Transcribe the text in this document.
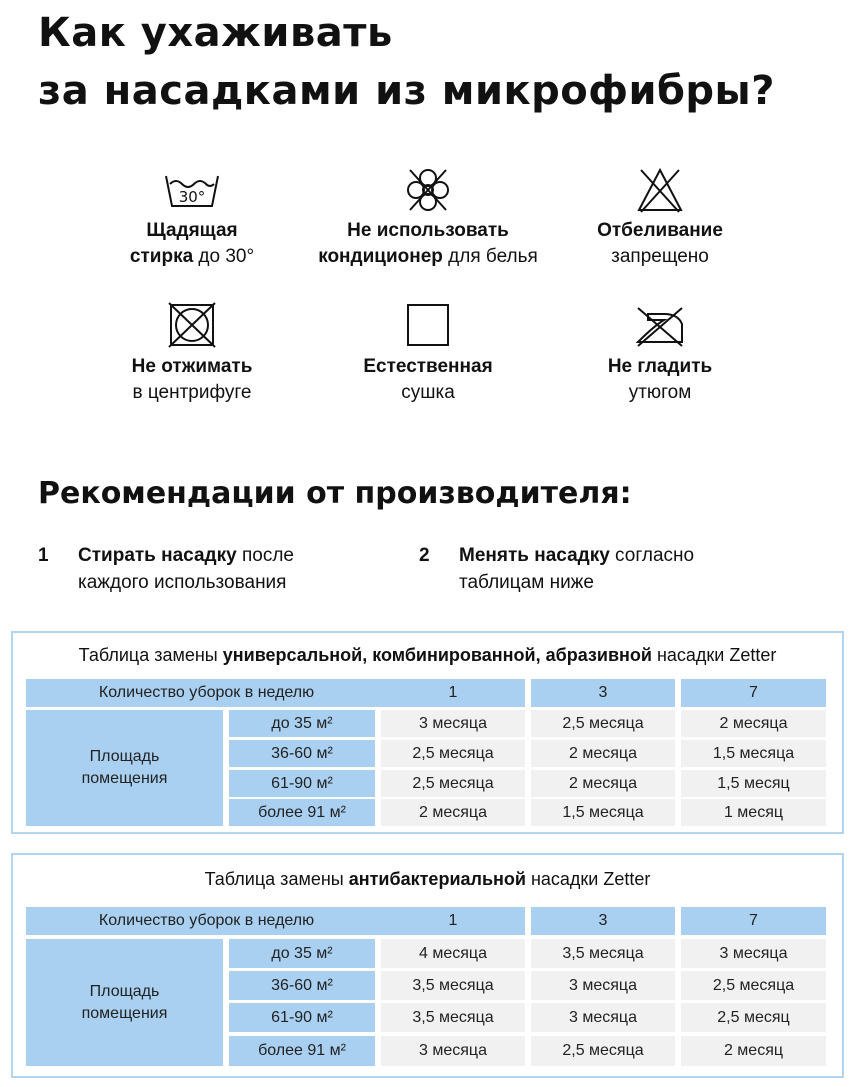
Как ухаживать
за насадками из микрофибры?
30°
Щадящая
стирка до 30°
Не использовать
кондиционер для белья
Отбеливание
запрещено
Не отжимать
в центрифуге
Естественная
сушка
Не гладить
утюгом
Рекомендации от производителя:
1 Стирать насадку после
каждого использования
2 Менять насадку согласно
таблицам ниже
Таблица замены универсальной, комбинированной, абразивной насадки Zetter
Количество уборок в неделю	1	3	7
Площадь
помещения
до 35 м²	3 месяца	2,5 месяца	2 месяца
36-60 м²	2,5 месяца	2 месяца	1,5 месяца
61-90 м²	2,5 месяца	2 месяца	1,5 месяц
более 91 м²	2 месяца	1,5 месяца	1 месяц
Таблица замены антибактериальной насадки Zetter
Количество уборок в неделю	1	3	7
Площадь
помещения
до 35 м²	4 месяца	3,5 месяца	3 месяца
36-60 м²	3,5 месяца	3 месяца	2,5 месяца
61-90 м²	3,5 месяца	3 месяца	2,5 месяц
более 91 м²	3 месяца	2,5 месяца	2 месяц
